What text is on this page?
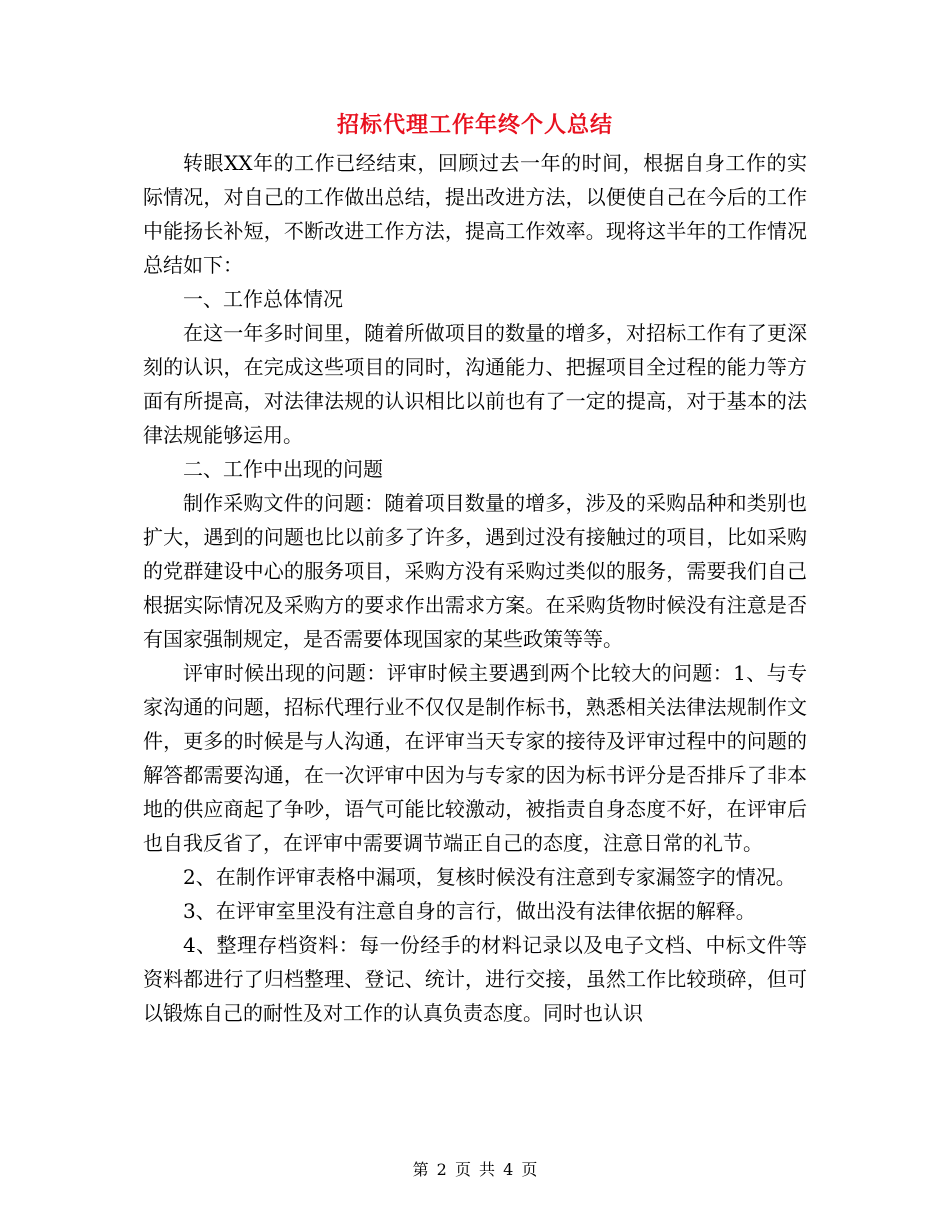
招标代理工作年终个人总结

转眼XX年的工作已经结束，回顾过去一年的时间，根据自身工作的实际情况，对自己的工作做出总结，提出改进方法，以便使自己在今后的工作中能扬长补短，不断改进工作方法，提高工作效率。现将这半年的工作情况总结如下：

一、工作总体情况

在这一年多时间里，随着所做项目的数量的增多，对招标工作有了更深刻的认识，在完成这些项目的同时，沟通能力、把握项目全过程的能力等方面有所提高，对法律法规的认识相比以前也有了一定的提高，对于基本的法律法规能够运用。

二、工作中出现的问题

制作采购文件的问题：随着项目数量的增多，涉及的采购品种和类别也扩大，遇到的问题也比以前多了许多，遇到过没有接触过的项目，比如采购的党群建设中心的服务项目，采购方没有采购过类似的服务，需要我们自己根据实际情况及采购方的要求作出需求方案。在采购货物时候没有注意是否有国家强制规定，是否需要体现国家的某些政策等等。

评审时候出现的问题：评审时候主要遇到两个比较大的问题：1、与专家沟通的问题，招标代理行业不仅仅是制作标书，熟悉相关法律法规制作文件，更多的时候是与人沟通，在评审当天专家的接待及评审过程中的问题的解答都需要沟通，在一次评审中因为与专家的因为标书评分是否排斥了非本地的供应商起了争吵，语气可能比较激动，被指责自身态度不好，在评审后也自我反省了，在评审中需要调节端正自己的态度，注意日常的礼节。

2、在制作评审表格中漏项，复核时候没有注意到专家漏签字的情况。

3、在评审室里没有注意自身的言行，做出没有法律依据的解释。

4、整理存档资料：每一份经手的材料记录以及电子文档、中标文件等资料都进行了归档整理、登记、统计，进行交接，虽然工作比较琐碎，但可以锻炼自己的耐性及对工作的认真负责态度。同时也认识

第 2 页 共 4 页
